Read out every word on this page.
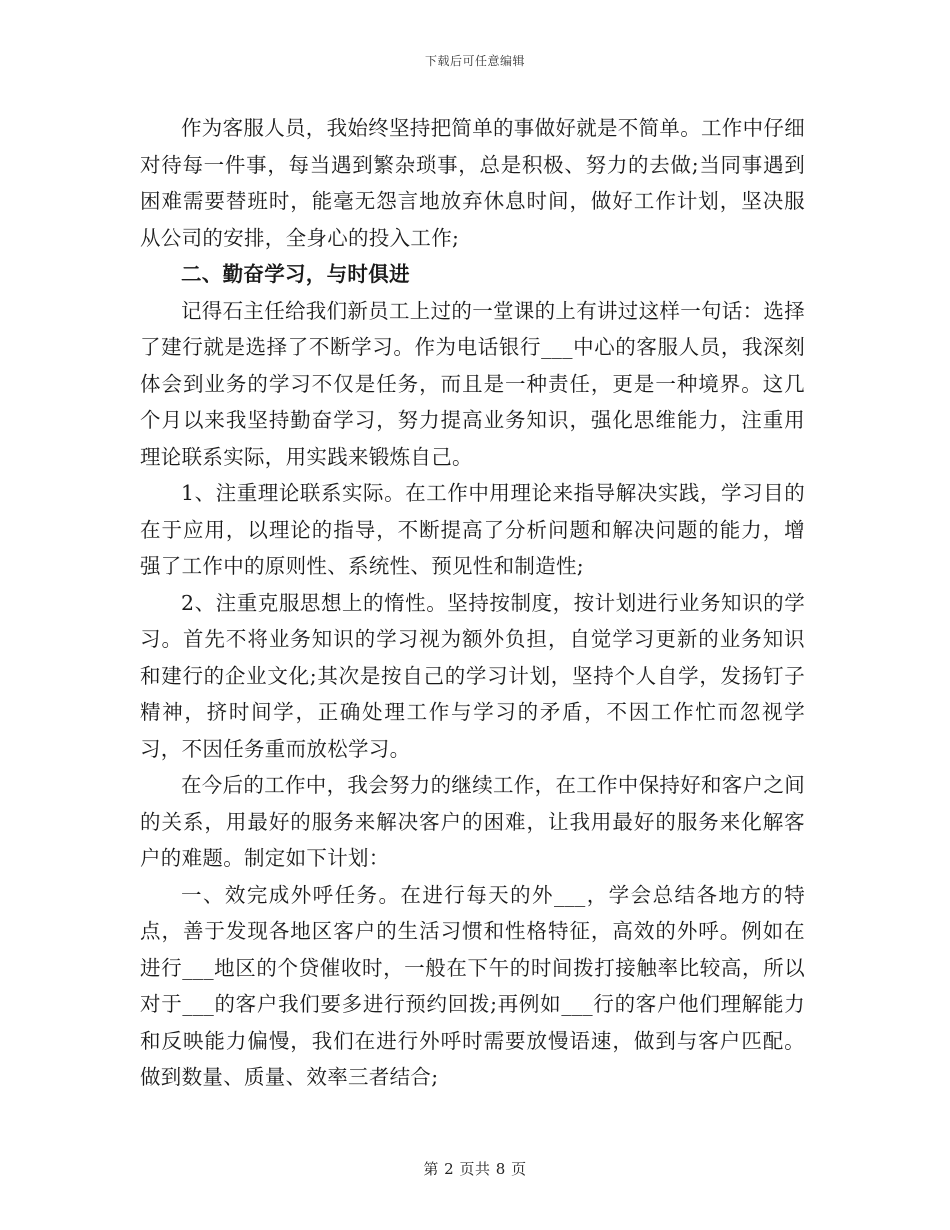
下载后可任意编辑

作为客服人员，我始终坚持把简单的事做好就是不简单。工作中仔细对待每一件事，每当遇到繁杂琐事，总是积极、努力的去做;当同事遇到困难需要替班时，能毫无怨言地放弃休息时间，做好工作计划，坚决服从公司的安排，全身心的投入工作;

二、勤奋学习，与时俱进

记得石主任给我们新员工上过的一堂课的上有讲过这样一句话：选择了建行就是选择了不断学习。作为电话银行___中心的客服人员，我深刻体会到业务的学习不仅是任务，而且是一种责任，更是一种境界。这几个月以来我坚持勤奋学习，努力提高业务知识，强化思维能力，注重用理论联系实际，用实践来锻炼自己。

1、注重理论联系实际。在工作中用理论来指导解决实践，学习目的在于应用，以理论的指导，不断提高了分析问题和解决问题的能力，增强了工作中的原则性、系统性、预见性和制造性;

2、注重克服思想上的惰性。坚持按制度，按计划进行业务知识的学习。首先不将业务知识的学习视为额外负担，自觉学习更新的业务知识和建行的企业文化;其次是按自己的学习计划，坚持个人自学，发扬钉子精神，挤时间学，正确处理工作与学习的矛盾，不因工作忙而忽视学习，不因任务重而放松学习。

在今后的工作中，我会努力的继续工作，在工作中保持好和客户之间的关系，用最好的服务来解决客户的困难，让我用最好的服务来化解客户的难题。制定如下计划：

一、效完成外呼任务。在进行每天的外___，学会总结各地方的特点，善于发现各地区客户的生活习惯和性格特征，高效的外呼。例如在进行___地区的个贷催收时，一般在下午的时间拨打接触率比较高，所以对于___的客户我们要多进行预约回拨;再例如___行的客户他们理解能力和反映能力偏慢，我们在进行外呼时需要放慢语速，做到与客户匹配。做到数量、质量、效率三者结合;

第 2 页共 8 页
